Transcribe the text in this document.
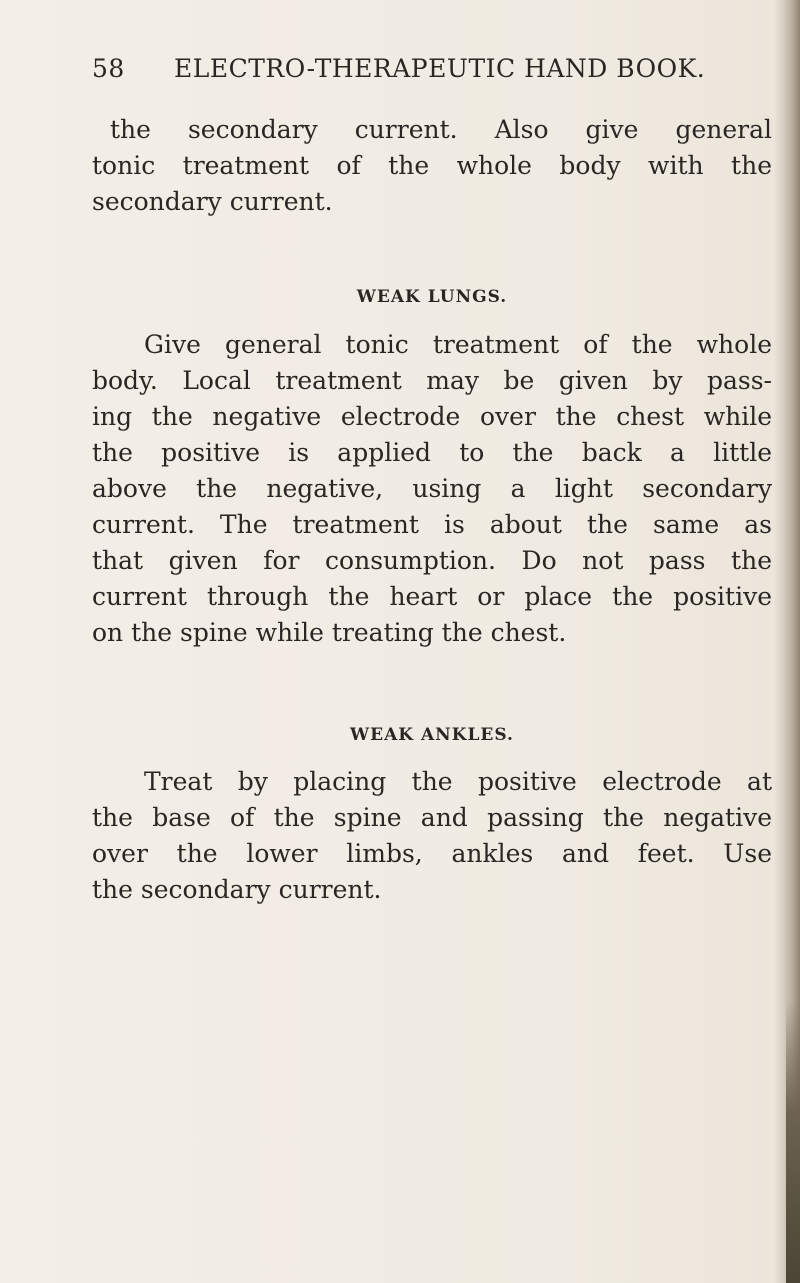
58 ELECTRO-THERAPEUTIC HAND BOOK.
the secondary current. Also give general
tonic treatment of the whole body with the
secondary current.
WEAK LUNGS.
Give general tonic treatment of the whole
body. Local treatment may be given by pass-
ing the negative electrode over the chest while
the positive is applied to the back a little
above the negative, using a light secondary
current. The treatment is about the same as
that given for consumption. Do not pass the
current through the heart or place the positive
on the spine while treating the chest.
WEAK ANKLES.
Treat by placing the positive electrode at
the base of the spine and passing the negative
over the lower limbs, ankles and feet. Use
the secondary current.
